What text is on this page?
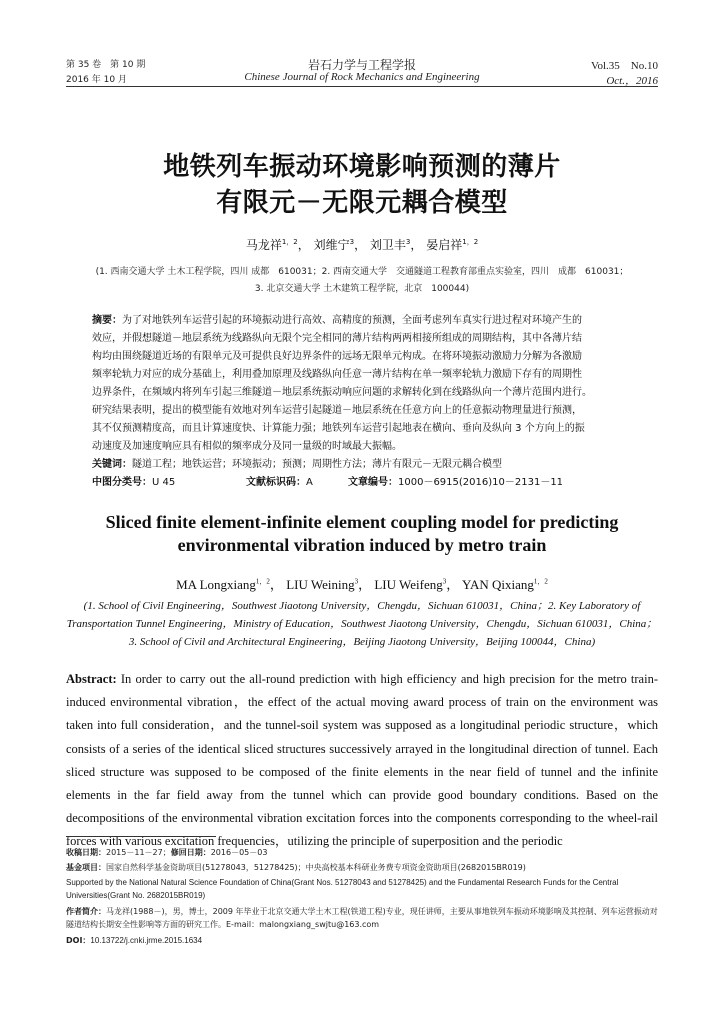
第 35 卷　第 10 期
2016 年 10 月
岩石力学与工程学报
Chinese Journal of Rock Mechanics and Engineering
Vol.35　No.10
Oct.，2016
地铁列车振动环境影响预测的薄片
有限元－无限元耦合模型
马龙祥$^{1,2}$， 刘维宁$^3$， 刘卫丰$^3$， 晏启祥$^{1,2}$
(1. 西南交通大学 土木工程学院，四川 成都　610031；2. 西南交通大学　交通隧道工程教育部重点实验室，四川　成都　610031；
3. 北京交通大学 土木建筑工程学院，北京　100044)
摘要：为了对地铁列车运营引起的环境振动进行高效、高精度的预测，全面考虑列车真实行进过程对环境产生的
效应，并假想隧道－地层系统为线路纵向无限个完全相同的薄片结构两两相接所组成的周期结构，其中各薄片结
构均由围绕隧道近场的有限单元及可提供良好边界条件的远场无限单元构成。在将环境振动激励力分解为各激励
频率轮轨力对应的成分基础上，利用叠加原理及线路纵向任意一薄片结构在单一频率轮轨力激励下存有的周期性
边界条件，在频域内将列车引起三维隧道－地层系统振动响应问题的求解转化到在线路纵向一个薄片范围内进行。
研究结果表明，提出的模型能有效地对列车运营引起隧道－地层系统在任意方向上的任意振动物理量进行预测，
其不仅预测精度高，而且计算速度快、计算能力强；地铁列车运营引起地表在横向、垂向及纵向 3 个方向上的振
动速度及加速度响应具有相似的频率成分及同一量级的时域最大振幅。
关键词：隧道工程；地铁运营；环境振动；预测；周期性方法；薄片有限元－无限元耦合模型
中图分类号：U 45	文献标识码：A	文章编号：1000－6915(2016)10－2131－11
Sliced finite element-infinite element coupling model for predicting
environmental vibration induced by metro train
MA Longxiang$^{1,2}$， LIU Weining$^3$， LIU Weifeng$^3$， YAN Qixiang$^{1,2}$
(1. School of Civil Engineering，Southwest Jiaotong University，Chengdu，Sichuan 610031，China；2. Key Laboratory of
Transportation Tunnel Engineering，Ministry of Education，Southwest Jiaotong University，Chengdu，Sichuan 610031，China；
3. School of Civil and Architectural Engineering，Beijing Jiaotong University，Beijing 100044，China)
Abstract: In order to carry out the all-round prediction with high efficiency and high precision for the metro train-induced environmental vibration，the effect of the actual moving award process of train on the environment was taken into full consideration，and the tunnel-soil system was supposed as a longitudinal periodic structure，which consists of a series of the identical sliced structures successively arrayed in the longitudinal direction of tunnel. Each sliced structure was supposed to be composed of the finite elements in the near field of tunnel and the infinite elements in the far field away from the tunnel which can provide good boundary conditions. Based on the decompositions of the environmental vibration excitation forces into the components corresponding to the wheel-rail forces with various excitation frequencies，utilizing the principle of superposition and the periodic
收稿日期：2015－11－27；修回日期：2016－05－03
基金项目：国家自然科学基金资助项目(51278043，51278425)；中央高校基本科研业务费专项资金资助项目(2682015BR019)
Supported by the National Natural Science Foundation of China(Grant Nos. 51278043 and 51278425) and the Fundamental Research Funds for the Central Universities(Grant No. 2682015BR019)
作者简介：马龙祥(1988－)，男，博士，2009 年毕业于北京交通大学土木工程(铁道工程)专业，现任讲师，主要从事地铁列车振动环境影响及其控制、列车运营振动对隧道结构长期安全性影响等方面的研究工作。E-mail：malongxiang_swjtu@163.com
DOI：10.13722/j.cnki.jrme.2015.1634
